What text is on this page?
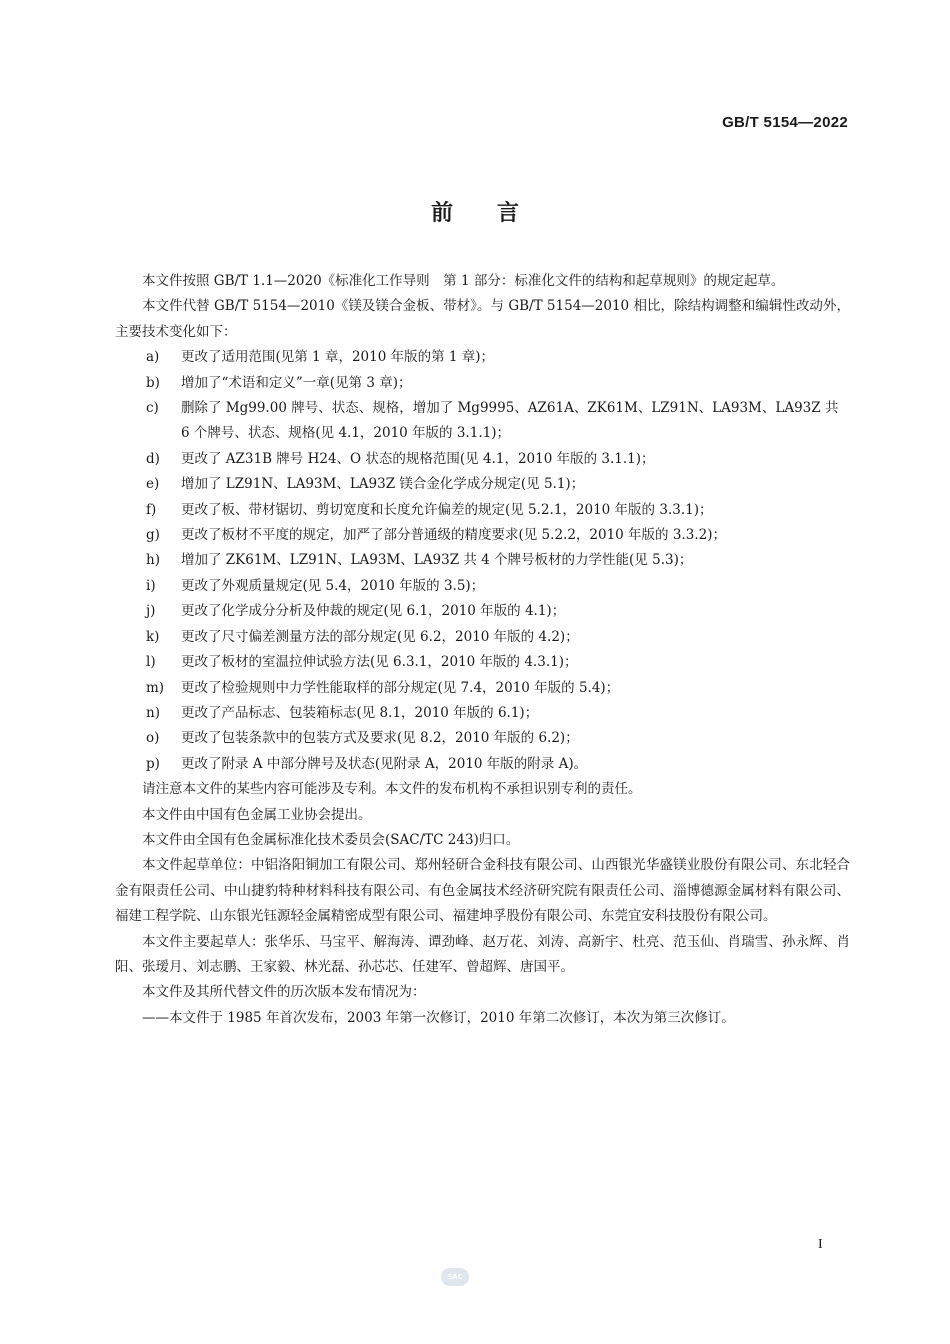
GB/T 5154—2022
前言

本文件按照 GB/T 1.1—2020《标准化工作导则　第 1 部分：标准化文件的结构和起草规则》的规定起草。

本文件代替 GB/T 5154—2010《镁及镁合金板、带材》。与 GB/T 5154—2010 相比，除结构调整和编辑性改动外，主要技术变化如下：

a)	更改了适用范围(见第 1 章，2010 年版的第 1 章)；
b)	增加了“术语和定义”一章(见第 3 章)；
c)	删除了 Mg99.00 牌号、状态、规格，增加了 Mg9995、AZ61A、ZK61M、LZ91N、LA93M、LA93Z 共 6 个牌号、状态、规格(见 4.1，2010 年版的 3.1.1)；
d)	更改了 AZ31B 牌号 H24、O 状态的规格范围(见 4.1，2010 年版的 3.1.1)；
e)	增加了 LZ91N、LA93M、LA93Z 镁合金化学成分规定(见 5.1)；
f)	更改了板、带材锯切、剪切宽度和长度允许偏差的规定(见 5.2.1，2010 年版的 3.3.1)；
g)	更改了板材不平度的规定，加严了部分普通级的精度要求(见 5.2.2，2010 年版的 3.3.2)；
h)	增加了 ZK61M、LZ91N、LA93M、LA93Z 共 4 个牌号板材的力学性能(见 5.3)；
i)	更改了外观质量规定(见 5.4，2010 年版的 3.5)；
j)	更改了化学成分分析及仲裁的规定(见 6.1，2010 年版的 4.1)；
k)	更改了尺寸偏差测量方法的部分规定(见 6.2，2010 年版的 4.2)；
l)	更改了板材的室温拉伸试验方法(见 6.3.1，2010 年版的 4.3.1)；
m)	更改了检验规则中力学性能取样的部分规定(见 7.4，2010 年版的 5.4)；
n)	更改了产品标志、包装箱标志(见 8.1，2010 年版的 6.1)；
o)	更改了包装条款中的包装方式及要求(见 8.2，2010 年版的 6.2)；
p)	更改了附录 A 中部分牌号及状态(见附录 A，2010 年版的附录 A)。

请注意本文件的某些内容可能涉及专利。本文件的发布机构不承担识别专利的责任。

本文件由中国有色金属工业协会提出。

本文件由全国有色金属标准化技术委员会(SAC/TC 243)归口。

本文件起草单位：中铝洛阳铜加工有限公司、郑州轻研合金科技有限公司、山西银光华盛镁业股份有限公司、东北轻合金有限责任公司、中山捷豹特种材料科技有限公司、有色金属技术经济研究院有限责任公司、淄博德源金属材料有限公司、福建工程学院、山东银光钰源轻金属精密成型有限公司、福建坤孚股份有限公司、东莞宜安科技股份有限公司。

本文件主要起草人：张华乐、马宝平、解海涛、谭劲峰、赵万花、刘涛、高新宇、杜亮、范玉仙、肖瑞雪、孙永辉、肖阳、张瑷月、刘志鹏、王家毅、林光磊、孙芯芯、任建军、曾超辉、唐国平。

本文件及其所代替文件的历次版本发布情况为：

——本文件于 1985 年首次发布，2003 年第一次修订，2010 年第二次修订，本次为第三次修订。

I
SAC
